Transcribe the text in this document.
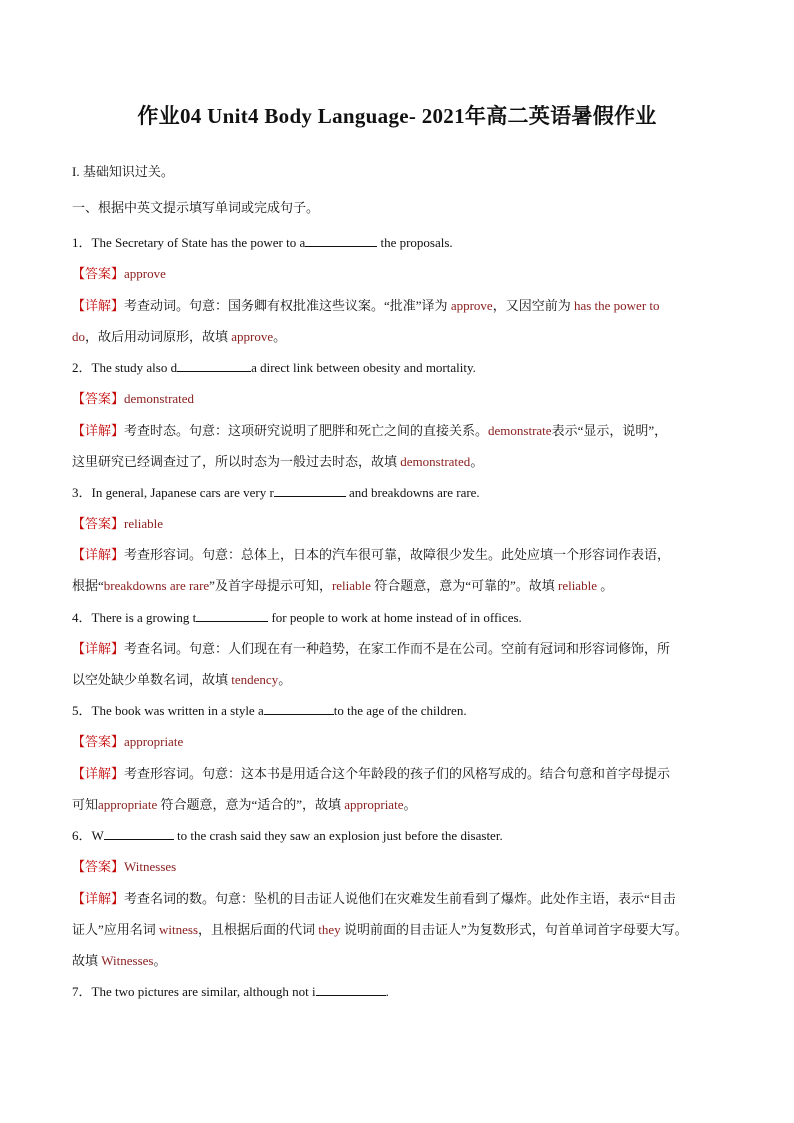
作业04 Unit4 Body Language- 2021年高二英语暑假作业
I. 基础知识过关。
一、根据中英文提示填写单词或完成句子。
1．The Secretary of State has the power to a	the proposals.
【答案】approve
【详解】考查动词。句意：国务卿有权批准这些议案。“批准”译为 approve，又因空前为 has the power to
do，故后用动词原形，故填 approve。
2．The study also d	a direct link between obesity and mortality.
【答案】demonstrated
【详解】考查时态。句意：这项研究说明了肥胖和死亡之间的直接关系。demonstrate表示“显示，说明”，
这里研究已经调查过了，所以时态为一般过去时态，故填 demonstrated。
3．In general, Japanese cars are very r	and breakdowns are rare.
【答案】reliable
【详解】考查形容词。句意：总体上，日本的汽车很可靠，故障很少发生。此处应填一个形容词作表语，
根据“breakdowns are rare”及首字母提示可知，reliable 符合题意，意为“可靠的”。故填 reliable 。
4．There is a growing t	for people to work at home instead of in offices.
【详解】考查名词。句意：人们现在有一种趋势，在家工作而不是在公司。空前有冠词和形容词修饰，所
以空处缺少单数名词，故填 tendency。
5．The book was written in a style a	to the age of the children.
【答案】appropriate
【详解】考查形容词。句意：这本书是用适合这个年龄段的孩子们的风格写成的。结合句意和首字母提示
可知appropriate 符合题意，意为“适合的”，故填 appropriate。
6．W	to the crash said they saw an explosion just before the disaster.
【答案】Witnesses
【详解】考查名词的数。句意：坠机的目击证人说他们在灾难发生前看到了爆炸。此处作主语，表示“目击
证人”应用名词 witness，且根据后面的代词 they 说明前面的目击证人”为复数形式，句首单词首字母要大写。
故填 Witnesses。
7．The two pictures are similar, although not i	.
